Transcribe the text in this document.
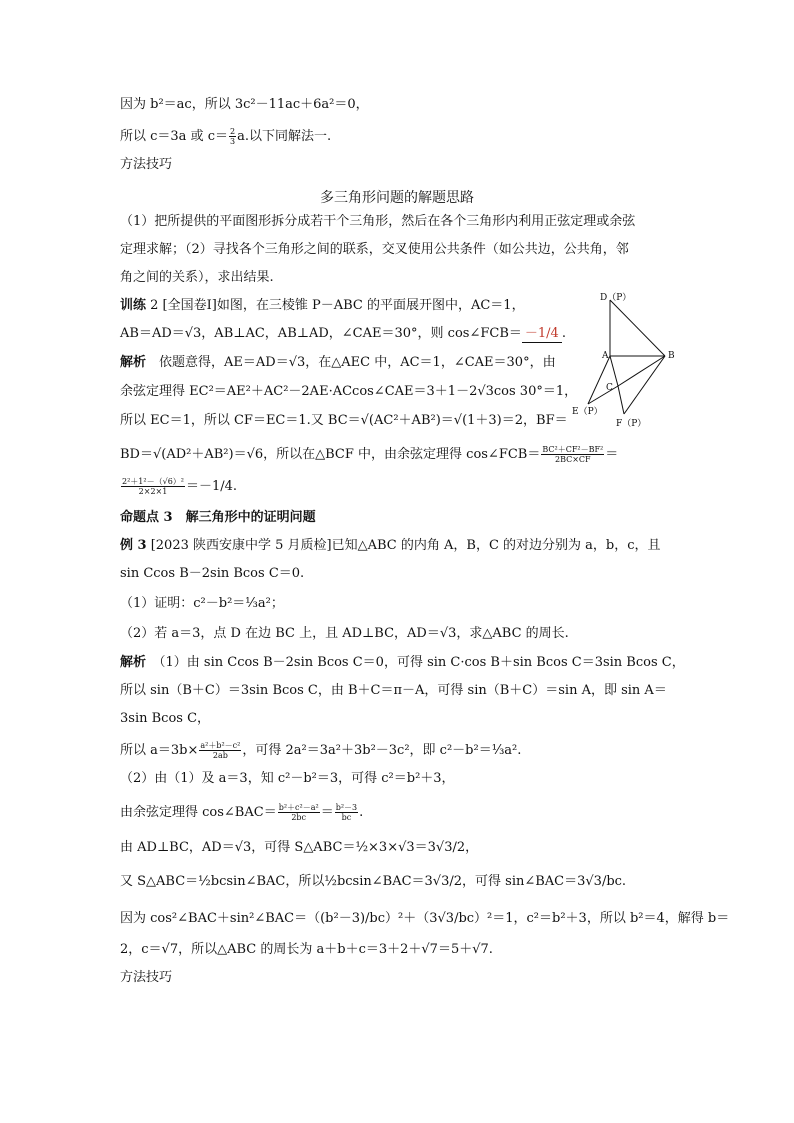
因为 b²＝ac，所以 3c²－11ac＋6a²＝0，
所以 c＝3a 或 $c= \frac{2}{3} a$.以下同解法一.
方法技巧
多三角形问题的解题思路
（1）把所提供的平面图形拆分成若干个三角形，然后在各个三角形内利用正弦定理或余弦
定理求解；（2）寻找各个三角形之间的联系，交叉使用公共条件（如公共边，公共角，邻
角之间的关系），求出结果.
训练 2 [全国卷Ⅰ]如图，在三棱锥 P－ABC 的平面展开图中，AC＝1，
AB＝AD＝√3，AB⊥AC，AB⊥AD，∠CAE＝30°，则 cos∠FCB＝ －1/4 .
解析　依题意得，AE＝AD＝√3，在△AEC 中，AC＝1，∠CAE＝30°，由
余弦定理得 EC²＝AE²＋AC²－2AE·ACcos∠CAE＝3＋1－2√3cos 30°＝1，
所以 EC＝1，所以 CF＝EC＝1.又 BC＝√(AC²＋AB²)＝√(1＋3)＝2，BF＝
BD＝√(AD²＋AB²)＝√6，所以在△BCF 中，由余弦定理得 cos∠FCB＝ $\frac{\text{BC²＋CF²－BF²}}{2BC\times CF}$ ＝
$\frac{\text{2²＋1²－（√6）²}}{2\times 2\times 1} =-1/4$.
命题点 3　解三角形中的证明问题
例 3 [2023 陕西安康中学 5 月质检]已知△ABC 的内角 A，B，C 的对边分别为 a，b，c，且
sin Ccos B－2sin Bcos C＝0.
（1）证明：c²－b²＝⅓a²；
（2）若 a＝3，点 D 在边 BC 上，且 AD⊥BC，AD＝√3，求△ABC 的周长.
解析　（1）由 sin Ccos B－2sin Bcos C＝0，可得 sin C·cos B＋sin Bcos C＝3sin Bcos C，
所以 sin（B＋C）＝3sin Bcos C，由 B＋C＝π－A，可得 sin（B＋C）＝sin A，即 sin A＝
3sin Bcos C，
所以 $a=3b\times \frac{\text{a²＋b²－c²}}{2ab}$ ，可得 2a²＝3a²＋3b²－3c²，即 c²－b²＝⅓a².
（2）由（1）及 a＝3，知 c²－b²＝3，可得 c²＝b²＋3，
由余弦定理得 cos∠BAC＝ $\frac{\text{b²＋c²－a²}}{2bc} = \frac{\text{b²－3}}{bc}$ .
由 AD⊥BC，AD＝√3，可得 S△ABC＝½×3×√3＝3√3/2，
又 S△ABC＝½bcsin∠BAC，所以½bcsin∠BAC＝3√3/2，可得 sin∠BAC＝3√3/bc.
因为 cos²∠BAC＋sin²∠BAC＝（(b²－3)/bc）²＋（3√3/bc）²＝1，c²＝b²＋3，所以 b²＝4，解得 b＝
2，c＝√7，所以△ABC 的周长为 a＋b＋c＝3＋2＋√7＝5＋√7.
方法技巧
D（P）
A	B
C
E（P）
F（P）
